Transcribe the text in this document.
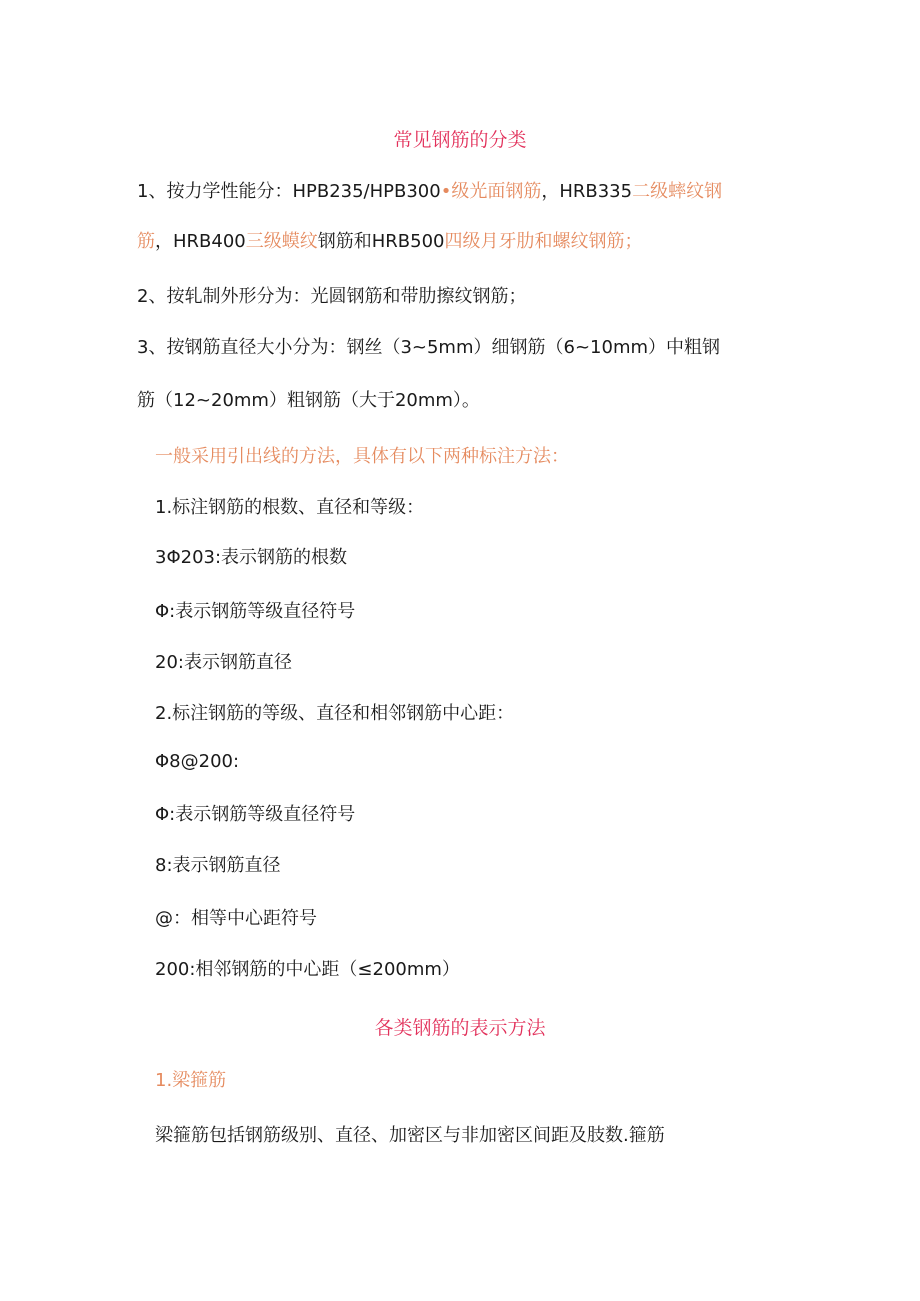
常见钢筋的分类
1、按力学性能分：HPB235/HPB300•级光面钢筋，HRB335二级蟀纹钢
筋，HRB400三级蟆纹钢筋和HRB500四级月牙肋和螺纹钢筋；
2、按轧制外形分为：光圆钢筋和带肋擦纹钢筋；
3、按钢筋直径大小分为：钢丝（3~5mm）细钢筋（6~10mm）中粗钢
筋（12~20mm）粗钢筋（大于20mm）。
一般采用引出线的方法，具体有以下两种标注方法：
1.标注钢筋的根数、直径和等级：
3Φ203:表示钢筋的根数
Φ:表示钢筋等级直径符号
20:表示钢筋直径
2.标注钢筋的等级、直径和相邻钢筋中心距：
Φ8@200:
Φ:表示钢筋等级直径符号
8:表示钢筋直径
@：相等中心距符号
200:相邻钢筋的中心距（≤200mm）
各类钢筋的表示方法
1.梁箍筋
梁箍筋包括钢筋级别、直径、加密区与非加密区间距及肢数.箍筋
